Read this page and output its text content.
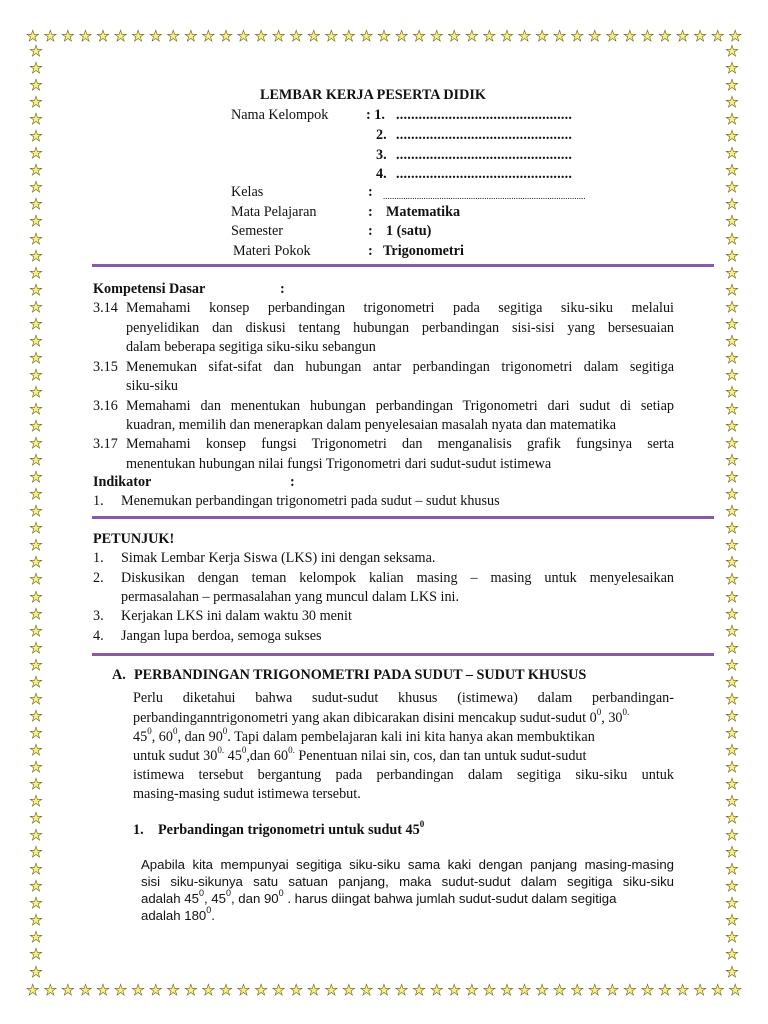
★ ★ ★ ★ ★ ★ ★ ★ ★ ★ ★ ★ ★ ★ ★ ★ ★ ★ ★ ★ ★ ★ ★ ★ ★ ★ ★ ★ ★ ★ ★ ★ ★ ★ ★ ★ ★ ★ ★ ★ ★
★ ★ ★ ★ ★ ★ ★ ★ ★ ★ ★ ★ ★ ★ ★ ★ ★ ★ ★ ★ ★ ★ ★ ★ ★ ★ ★ ★ ★ ★ ★ ★ ★ ★ ★ ★ ★ ★ ★ ★ ★
★
★
★
★
★
★
★
★
★
★
★
★
★
★
★
★
★
★
★
★
★
★
★
★
★
★
★
★
★
★
★
★
★
★
★
★
★
★
★
★
★
★
★
★
★
★
★
★
★
★
★
★
★
★
★
★
★
★
★
★
★
★
★
★
★
★
★
★
★
★
★
★
★
★
★
★
★
★
★
★
★
★
★
★
★
★
★
★
★
★
★
★
★
★
★
★
★
★
★
★
★
★
★
★
★
★
★
★
★
★
LEMBAR KERJA PESERTA DIDIK
Nama Kelompok	: 1. ...............................................
2. ...............................................
3. ...............................................
4. ...............................................
Kelas	: ..........................................................................................
Mata Pelajaran	: Matematika
Semester	: 1 (satu)
Materi Pokok	: Trigonometri
Kompetensi Dasar	:
3.14 Memahami konsep perbandingan trigonometri pada segitiga siku-siku melalui
penyelidikan dan diskusi tentang hubungan perbandingan sisi-sisi yang bersesuaian
dalam beberapa segitiga siku-siku sebangun
3.15 Menemukan sifat-sifat dan hubungan antar perbandingan trigonometri dalam segitiga
siku-siku
3.16 Memahami dan menentukan hubungan perbandingan Trigonometri dari sudut di setiap
kuadran, memilih dan menerapkan dalam penyelesaian masalah nyata dan matematika
3.17 Memahami konsep fungsi Trigonometri dan menganalisis grafik fungsinya serta
menentukan hubungan nilai fungsi Trigonometri dari sudut-sudut istimewa
Indikator	:
1. Menemukan perbandingan trigonometri pada sudut – sudut khusus
PETUNJUK!
1. Simak Lembar Kerja Siswa (LKS) ini dengan seksama.
2. Diskusikan dengan teman kelompok kalian masing – masing untuk menyelesaikan
permasalahan – permasalahan yang muncul dalam LKS ini.
3. Kerjakan LKS ini dalam waktu 30 menit
4. Jangan lupa berdoa, semoga sukses
A. PERBANDINGAN TRIGONOMETRI PADA SUDUT – SUDUT KHUSUS
Perlu diketahui bahwa sudut-sudut khusus (istimewa) dalam perbandingan-
perbandinganntrigonometri yang akan dibicarakan disini mencakup sudut-sudut $0^0$, $30^{0.}$
$45^0$, $60^0$, dan $90^0$. Tapi dalam pembelajaran kali ini kita hanya akan membuktikan
untuk sudut $30^{0.}$ $45^0,dan$ $60^{0.}$ Penentuan nilai sin, cos, dan tan untuk sudut-sudut
istimewa tersebut bergantung pada perbandingan dalam segitiga siku-siku untuk
masing-masing sudut istimewa tersebut.
1. Perbandingan trigonometri untuk sudut $45^0$
Apabila kita mempunyai segitiga siku-siku sama kaki dengan panjang masing-masing
sisi siku-sikunya satu satuan panjang, maka sudut-sudut dalam segitiga siku-siku
adalah $45^0$, $45^0$, dan $90^0$ . harus diingat bahwa jumlah sudut-sudut dalam segitiga
adalah $180^0$.
